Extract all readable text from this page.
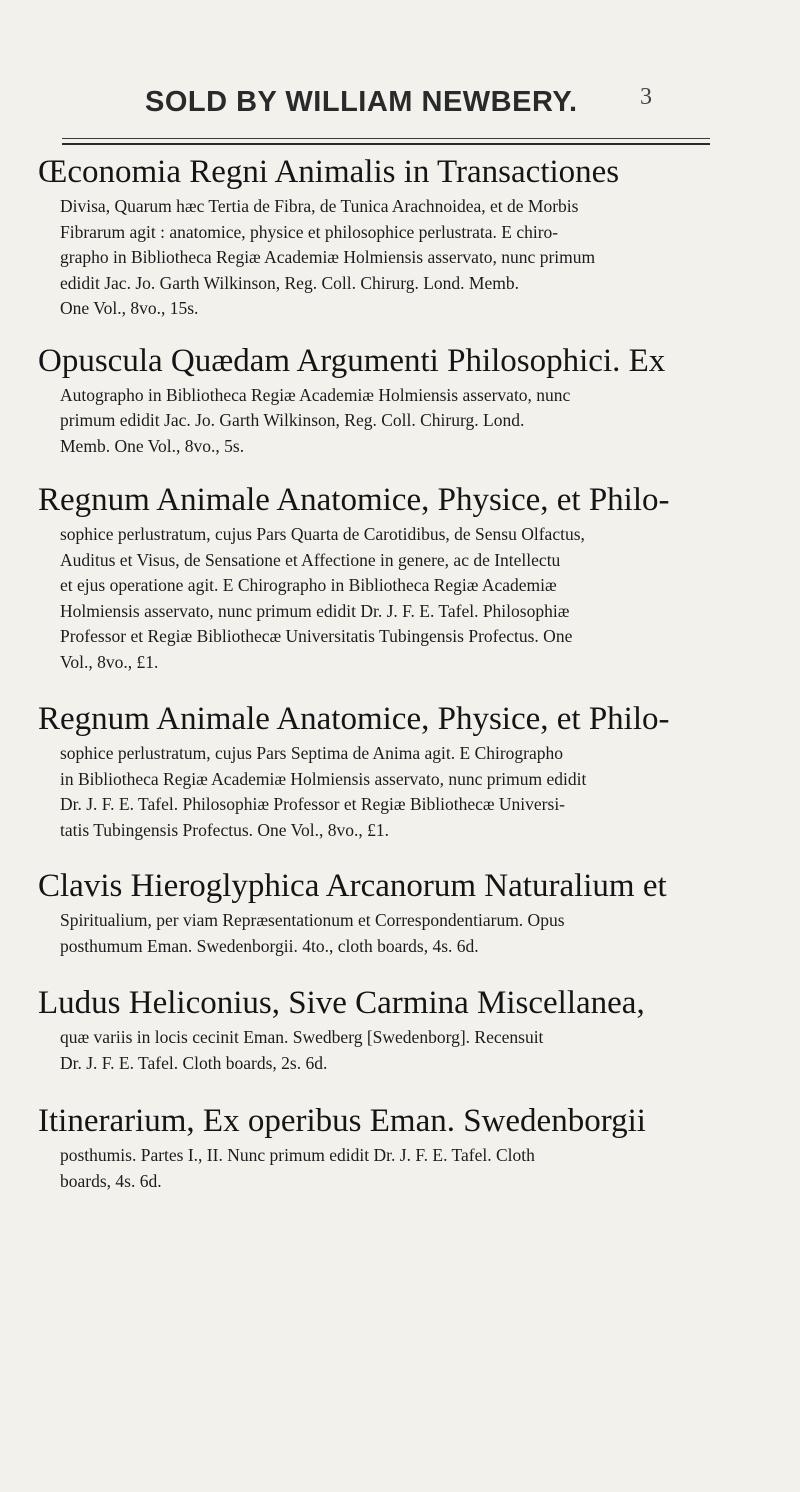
SOLD BY WILLIAM NEWBERY.	3
Œconomia Regni Animalis in Transactiones
Divisa, Quarum hæc Tertia de Fibra, de Tunica Arachnoidea, et de Morbis
Fibrarum agit : anatomice, physice et philosophice perlustrata. E chiro-
grapho in Bibliotheca Regiæ Academiæ Holmiensis asservato, nunc primum
edidit Jac. Jo. Garth Wilkinson, Reg. Coll. Chirurg. Lond. Memb.
One Vol., 8vo., 15s.
Opuscula Quædam Argumenti Philosophici. Ex
Autographo in Bibliotheca Regiæ Academiæ Holmiensis asservato, nunc
primum edidit Jac. Jo. Garth Wilkinson, Reg. Coll. Chirurg. Lond.
Memb. One Vol., 8vo., 5s.
Regnum Animale Anatomice, Physice, et Philo-
sophice perlustratum, cujus Pars Quarta de Carotidibus, de Sensu Olfactus,
Auditus et Visus, de Sensatione et Affectione in genere, ac de Intellectu
et ejus operatione agit. E Chirographo in Bibliotheca Regiæ Academiæ
Holmiensis asservato, nunc primum edidit Dr. J. F. E. Tafel. Philosophiæ
Professor et Regiæ Bibliothecæ Universitatis Tubingensis Profectus. One
Vol., 8vo., £1.
Regnum Animale Anatomice, Physice, et Philo-
sophice perlustratum, cujus Pars Septima de Anima agit. E Chirographo
in Bibliotheca Regiæ Academiæ Holmiensis asservato, nunc primum edidit
Dr. J. F. E. Tafel. Philosophiæ Professor et Regiæ Bibliothecæ Universi-
tatis Tubingensis Profectus. One Vol., 8vo., £1.
Clavis Hieroglyphica Arcanorum Naturalium et
Spiritualium, per viam Repræsentationum et Correspondentiarum. Opus
posthumum Eman. Swedenborgii. 4to., cloth boards, 4s. 6d.
Ludus Heliconius, Sive Carmina Miscellanea,
quæ variis in locis cecinit Eman. Swedberg [Swedenborg]. Recensuit
Dr. J. F. E. Tafel. Cloth boards, 2s. 6d.
Itinerarium, Ex operibus Eman. Swedenborgii
posthumis. Partes I., II. Nunc primum edidit Dr. J. F. E. Tafel. Cloth
boards, 4s. 6d.
